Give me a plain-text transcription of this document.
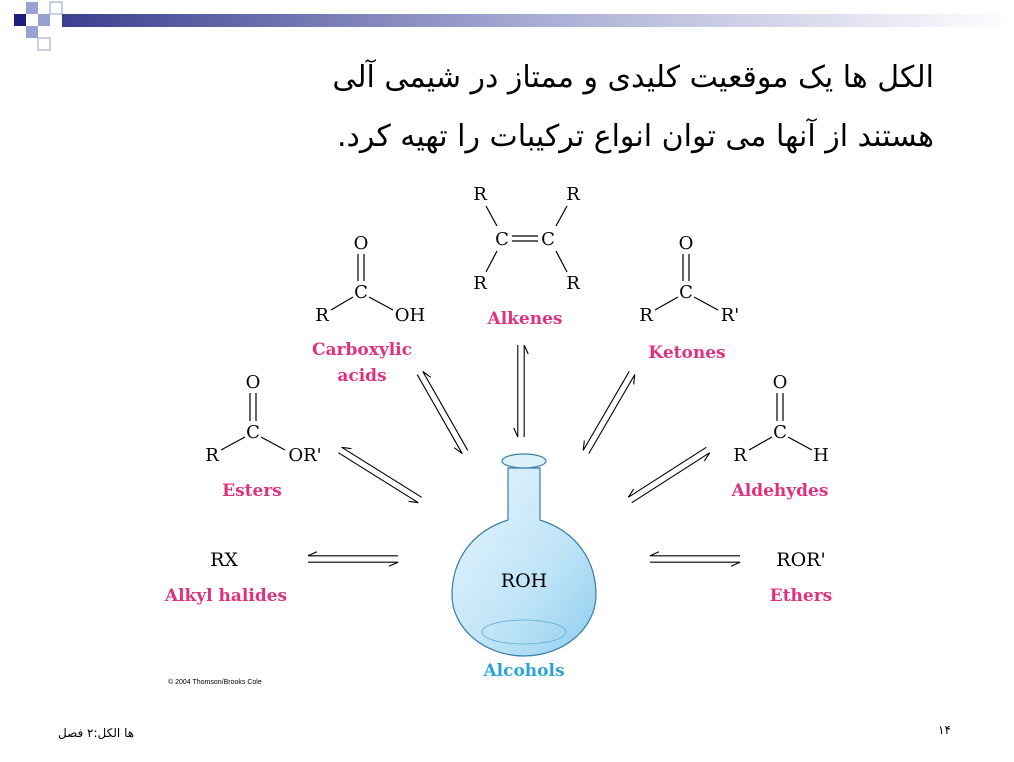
الکل ها یک موقعیت کلیدی و ممتاز در شیمی آلی
هستند از آنها می توان انواع ترکیبات را تهیه کرد.
ROH
Alcohols
R	R
C C
R	R
Alkenes
O
C
R	OH
Carboxylic
acids
O
C
R	R'
Ketones
O
C
R	OR'
Esters
O
C
R	H
Aldehydes
RX
Alkyl halides
ROR'
Ethers
ها الکل:۲ فصل	۱۴
© 2004 Thomson/Brooks Cole
